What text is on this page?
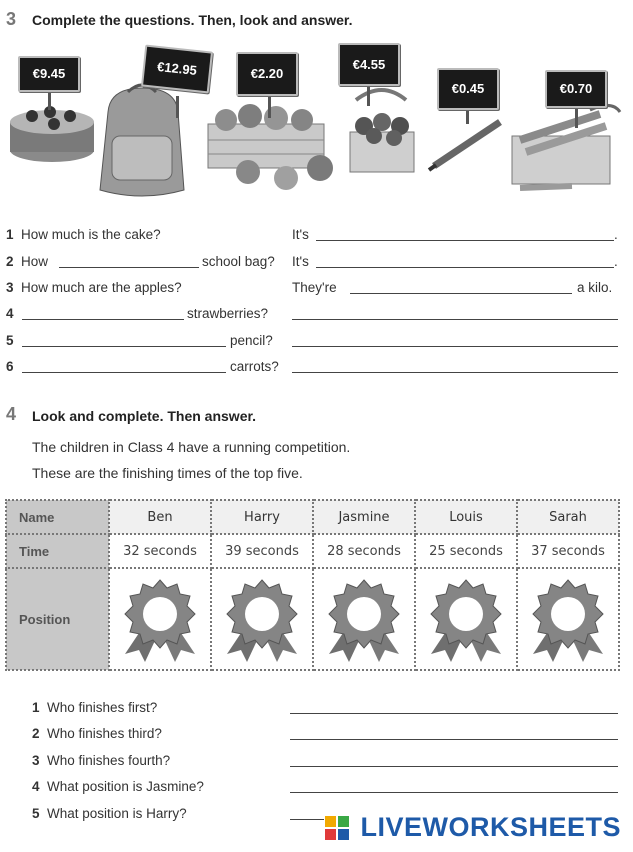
3 Complete the questions. Then, look and answer.
€9.45	€12.95	€2.20
€4.55
€0.45	€0.70
1 How much is the cake?	It's	.
2 How	school bag? It's	.
3 How much are the apples?	They're	a kilo.
4	strawberries?
5	pencil?
6	carrots?
4 Look and complete. Then answer.
The children in Class 4 have a running competition.
These are the finishing times of the top five.
Name	Ben	Harry	Jasmine	Louis	Sarah
Time	32 seconds	39 seconds	28 seconds	25 seconds	37 seconds
Position					
1 Who finishes first?
2 Who finishes third?
3 Who finishes fourth?
4 What position is Jasmine?
5 What position is Harry?	LIVEWORKSHEETS
